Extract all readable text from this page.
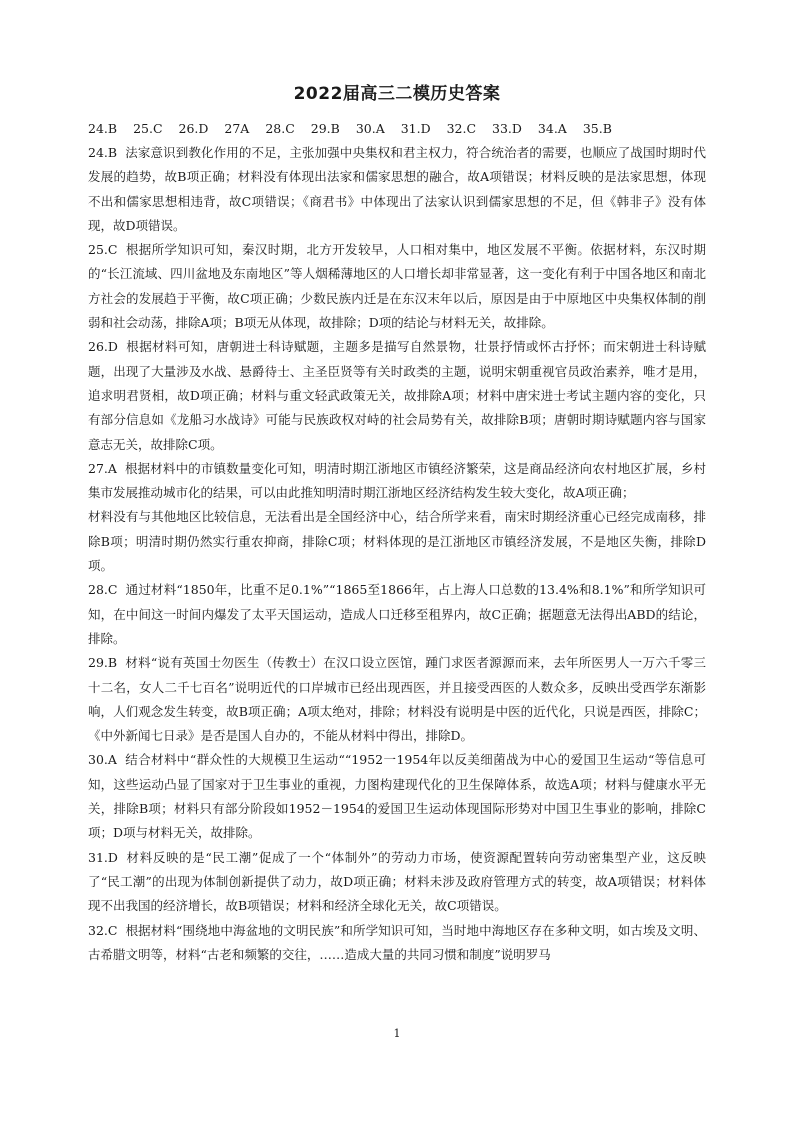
2022届高三二模历史答案
24.B 25.C 26.D 27A 28.C 29.B 30.A 31.D 32.C 33.D 34.A 35.B

24.B 法家意识到教化作用的不足，主张加强中央集权和君主权力，符合统治者的需要，也顺应了战国时期时代发展的趋势，故B项正确；材料没有体现出法家和儒家思想的融合，故A项错误；材料反映的是法家思想，体现不出和儒家思想相违背，故C项错误；《商君书》中体现出了法家认识到儒家思想的不足，但《韩非子》没有体现，故D项错误。

25.C 根据所学知识可知，秦汉时期，北方开发较早，人口相对集中，地区发展不平衡。依据材料，东汉时期的“长江流域、四川盆地及东南地区”等人烟稀薄地区的人口增长却非常显著，这一变化有利于中国各地区和南北方社会的发展趋于平衡，故C项正确；少数民族内迁是在东汉末年以后，原因是由于中原地区中央集权体制的削弱和社会动荡，排除A项；B项无从体现，故排除；D项的结论与材料无关，故排除。

26.D 根据材料可知，唐朝进士科诗赋题，主题多是描写自然景物，壮景抒情或怀古抒怀；而宋朝进士科诗赋题，出现了大量涉及水战、悬爵待士、主圣臣贤等有关时政类的主题，说明宋朝重视官员政治素养，唯才是用，追求明君贤相，故D项正确；材料与重文轻武政策无关，故排除A项；材料中唐宋进士考试主题内容的变化，只有部分信息如《龙船习水战诗》可能与民族政权对峙的社会局势有关，故排除B项；唐朝时期诗赋题内容与国家意志无关，故排除C项。

27.A 根据材料中的市镇数量变化可知，明清时期江浙地区市镇经济繁荣，这是商品经济向农村地区扩展，乡村集市发展推动城市化的结果，可以由此推知明清时期江浙地区经济结构发生较大变化，故A项正确；

材料没有与其他地区比较信息，无法看出是全国经济中心，结合所学来看，南宋时期经济重心已经完成南移，排除B项；明清时期仍然实行重农抑商，排除C项；材料体现的是江浙地区市镇经济发展，不是地区失衡，排除D项。

28.C 通过材料“1850年，比重不足0.1%”“1865至1866年，占上海人口总数的13.4%和8.1%”和所学知识可知，在中间这一时间内爆发了太平天国运动，造成人口迁移至租界内，故C正确；据题意无法得出ABD的结论，排除。

29.B 材料“说有英国士勿医生（传教士）在汉口设立医馆，踵门求医者源源而来，去年所医男人一万六千零三十二名，女人二千七百名”说明近代的口岸城市已经出现西医，并且接受西医的人数众多，反映出受西学东渐影响，人们观念发生转变，故B项正确；A项太绝对，排除；材料没有说明是中医的近代化，只说是西医，排除C；《中外新闻七日录》是否是国人自办的，不能从材料中得出，排除D。

30.A 结合材料中“群众性的大规模卫生运动““1952一1954年以反美细菌战为中心的爱国卫生运动“等信息可知，这些运动凸显了国家对于卫生事业的重视，力图构建现代化的卫生保障体系，故选A项；材料与健康水平无关，排除B项；材料只有部分阶段如1952－1954的爱国卫生运动体现国际形势对中国卫生事业的影响，排除C项；D项与材料无关，故排除。

31.D 材料反映的是“民工潮”促成了一个“体制外”的劳动力市场，使资源配置转向劳动密集型产业，这反映了“民工潮”的出现为体制创新提供了动力，故D项正确；材料未涉及政府管理方式的转变，故A项错误；材料体现不出我国的经济增长，故B项错误；材料和经济全球化无关，故C项错误。

32.C 根据材料“围绕地中海盆地的文明民族”和所学知识可知，当时地中海地区存在多种文明，如古埃及文明、古希腊文明等，材料“古老和频繁的交往，……造成大量的共同习惯和制度”说明罗马

1
